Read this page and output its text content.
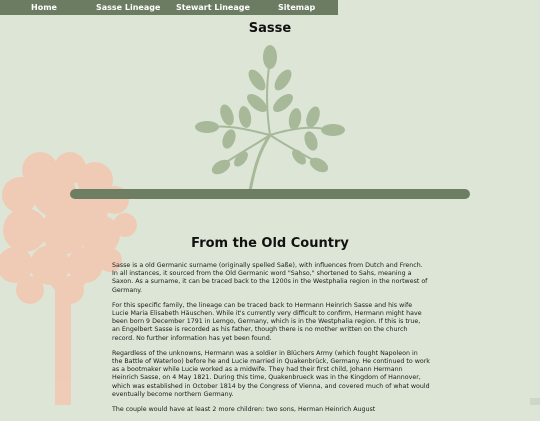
Home	Sasse Lineage Stewart Lineage	Sitemap
Sasse
From the Old Country

Sasse is a old Germanic surname (originally spelled Saße), with influences from Dutch and French. In all instances, it sourced from the Old Germanic word "Sahso," shortened to Sahs, meaning a Saxon. As a surname, it can be traced back to the 1200s in the Westphalia region in the nortwest of Germany.

For this specific family, the lineage can be traced back to Hermann Heinrich Sasse and his wife Lucie Maria Elisabeth Häuschen. While it's currently very difficult to confirm, Hermann might have been born 9 December 1791 in Lemgo, Germany, which is in the Westphalia region. If this is true, an Engelbert Sasse is recorded as his father, though there is no mother written on the church record. No further information has yet been found.

Regardless of the unknowns, Hermann was a soldier in Blüchers Army (which fought Napoleon in the Battle of Waterloo) before he and Lucie married in Quakenbrück, Germany. He continued to work as a bootmaker while Lucie worked as a midwife. They had their first child, Johann Hermann Heinrich Sasse, on 4 May 1821. During this time, Quakenbrueck was in the Kingdom of Hannover, which was established in October 1814 by the Congress of Vienna, and covered much of what would eventually become northern Germany.

The couple would have at least 2 more children: two sons, Herman Heinrich August
